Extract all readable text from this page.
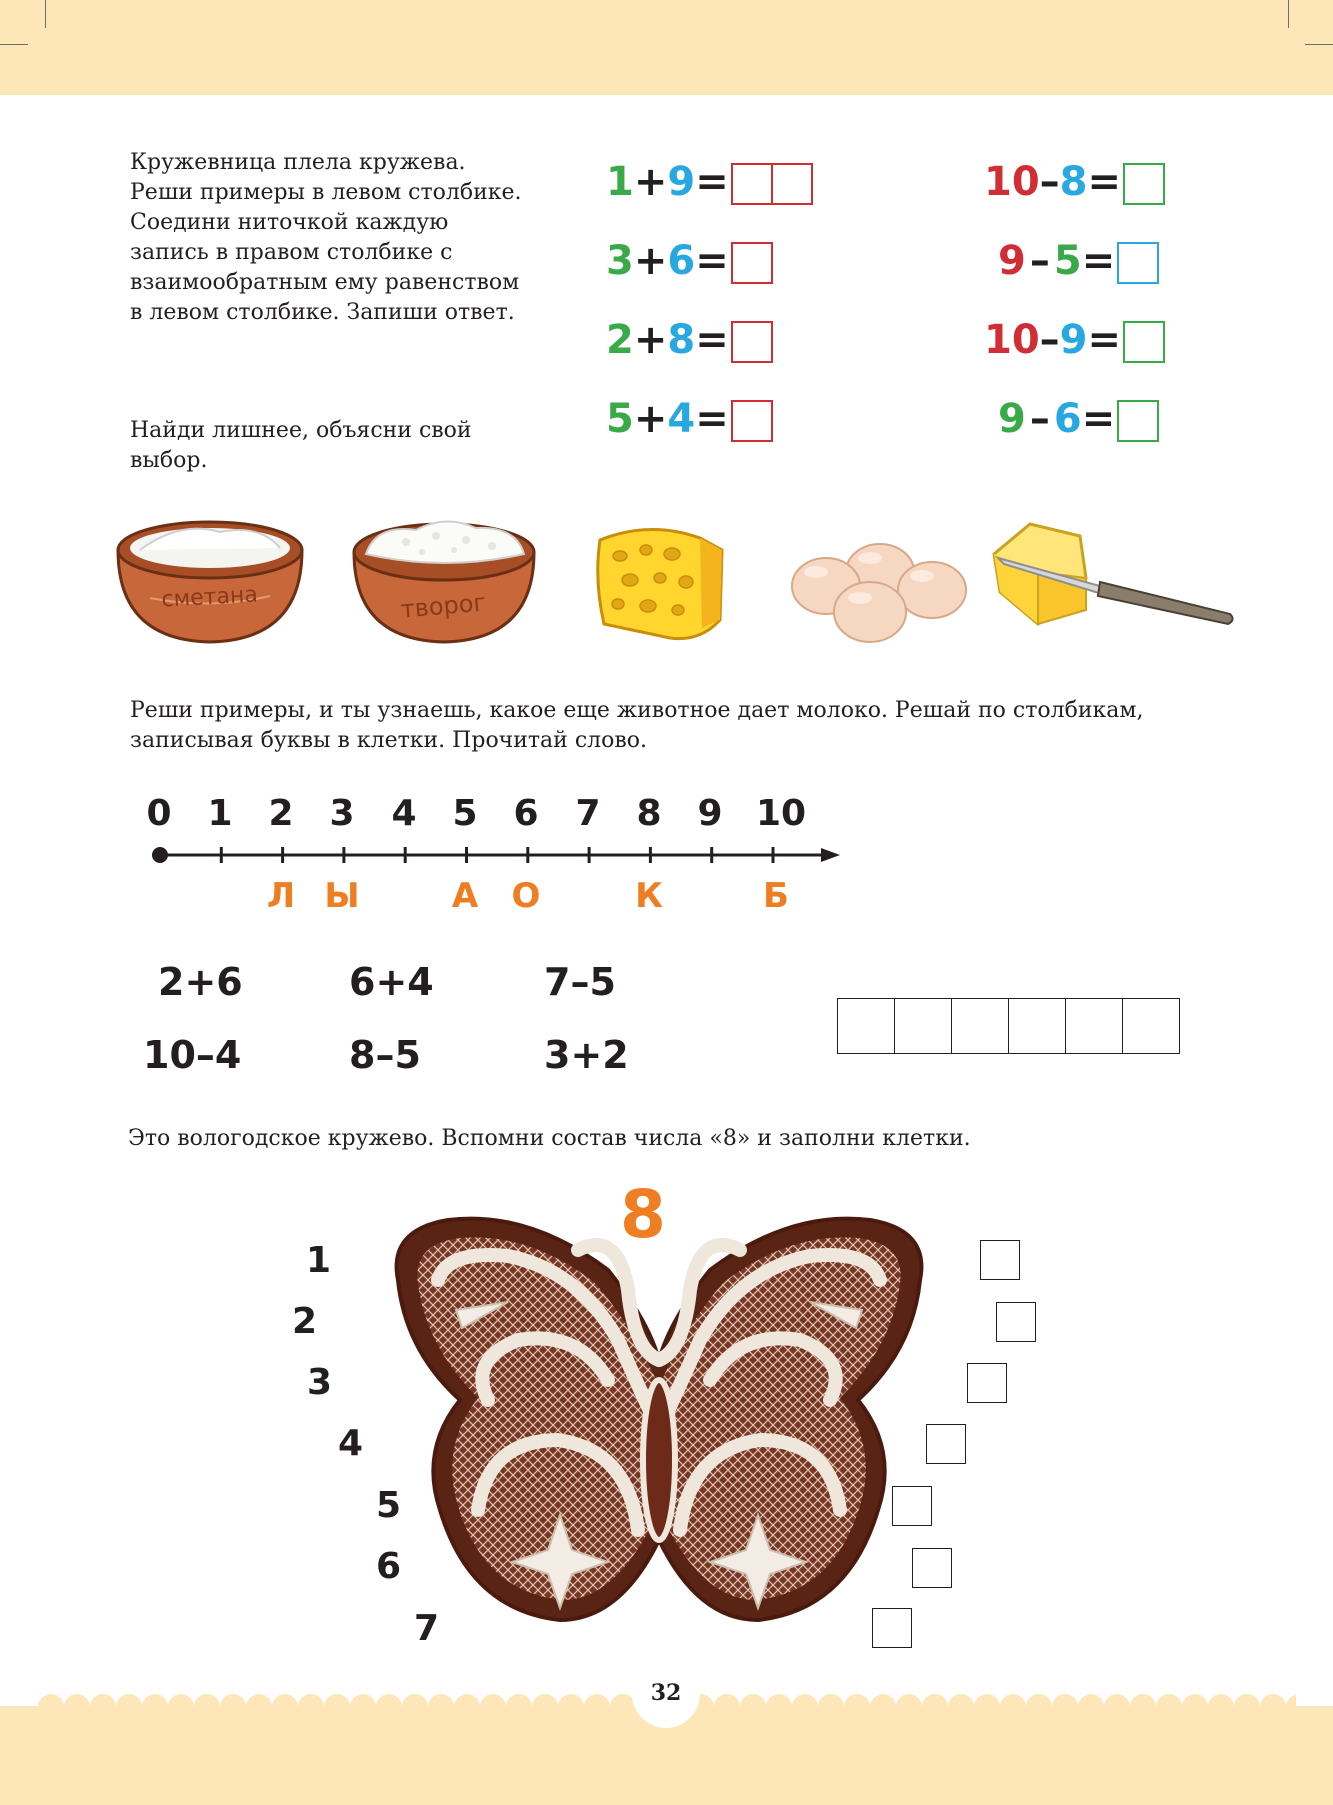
Кружевница плела кружева. Реши примеры в левом столбике. Соедини ниточкой каждую запись в правом столбике с взаимообратным ему равенством в левом столбике. Запиши ответ.
1+9=
3+6=
2+8=
5+4=
10–8=
9 – 5=
10–9=
9 – 6=
Найди лишнее, объясни свой выбор.
сметана	творог
Реши примеры, и ты узнаешь, какое еще животное дает молоко. Решай по столбикам, записывая буквы в клетки. Прочитай слово.
0 1 2 3	4 5 6	7 8 9 10
Л Ы	А О	К	Б
2+6	6+4	7–5
10–4	8–5	3+2
Это вологодское кружево. Вспомни состав числа «8» и заполни клетки.
8
1
2
3
4
5
6
7
32
